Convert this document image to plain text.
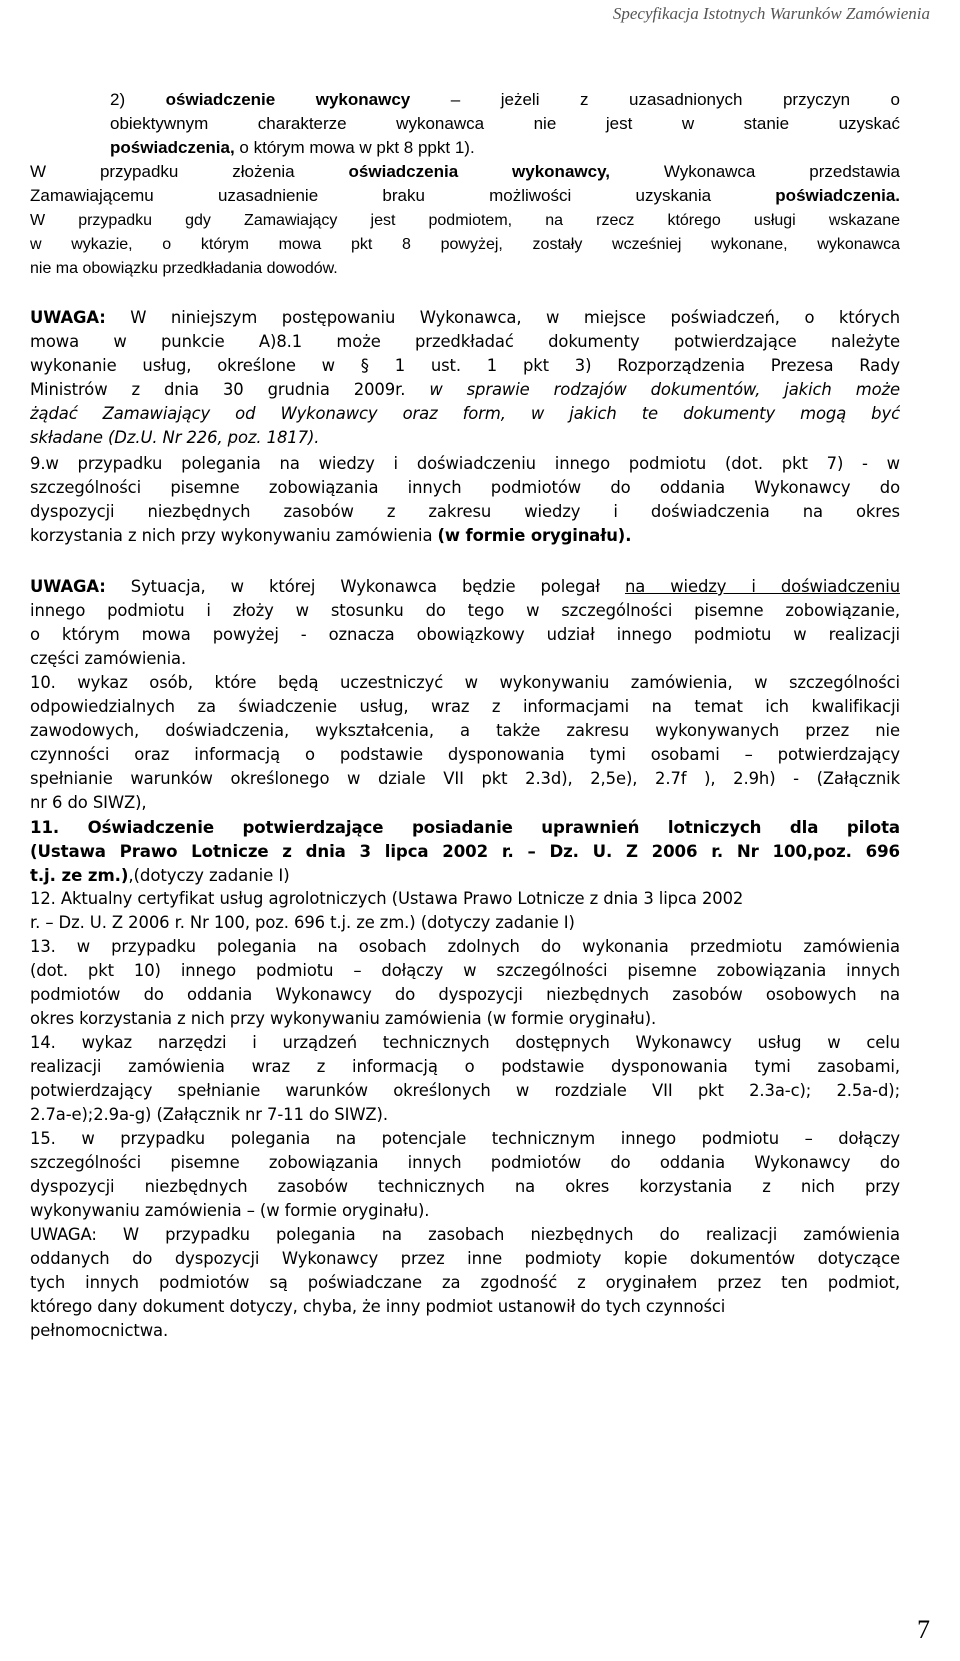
Specyfikacja Istotnych Warunków Zamówienia
2) oświadczenie wykonawcy – jeżeli z uzasadnionych przyczyn o
obiektywnym charakterze wykonawca nie jest w stanie uzyskać
poświadczenia, o którym mowa w pkt 8 ppkt 1).
W przypadku złożenia oświadczenia wykonawcy, Wykonawca przedstawia
Zamawiającemu uzasadnienie braku możliwości uzyskania poświadczenia.
W przypadku gdy Zamawiający jest podmiotem, na rzecz którego usługi wskazane
w wykazie, o którym mowa pkt 8 powyżej, zostały wcześniej wykonane, wykonawca
nie ma obowiązku przedkładania dowodów.
UWAGA: W niniejszym postępowaniu Wykonawca, w miejsce poświadczeń, o których
mowa w punkcie A)8.1 może przedkładać dokumenty potwierdzające należyte
wykonanie usług, określone w § 1 ust. 1 pkt 3) Rozporządzenia Prezesa Rady
Ministrów z dnia 30 grudnia 2009r. w sprawie rodzajów dokumentów, jakich może
żądać Zamawiający od Wykonawcy oraz form, w jakich te dokumenty mogą być
składane (Dz.U. Nr 226, poz. 1817).
9.w przypadku polegania na wiedzy i doświadczeniu innego podmiotu (dot. pkt 7) - w
szczególności pisemne zobowiązania innych podmiotów do oddania Wykonawcy do
dyspozycji niezbędnych zasobów z zakresu wiedzy i doświadczenia na okres
korzystania z nich przy wykonywaniu zamówienia (w formie oryginału).
UWAGA: Sytuacja, w której Wykonawca będzie polegał na wiedzy i doświadczeniu
innego podmiotu i złoży w stosunku do tego w szczególności pisemne zobowiązanie,
o którym mowa powyżej - oznacza obowiązkowy udział innego podmiotu w realizacji
części zamówienia.
10. wykaz osób, które będą uczestniczyć w wykonywaniu zamówienia, w szczególności
odpowiedzialnych za świadczenie usług, wraz z informacjami na temat ich kwalifikacji
zawodowych, doświadczenia, wykształcenia, a także zakresu wykonywanych przez nie
czynności oraz informacją o podstawie dysponowania tymi osobami – potwierdzający
spełnianie warunków określonego w dziale VII pkt 2.3d), 2,5e), 2.7f ), 2.9h) - (Załącznik
nr 6 do SIWZ),
11. Oświadczenie potwierdzające posiadanie uprawnień lotniczych dla pilota
(Ustawa Prawo Lotnicze z dnia 3 lipca 2002 r. – Dz. U. Z 2006 r. Nr 100,poz. 696
t.j. ze zm.),(dotyczy zadanie I)
12. Aktualny certyfikat usług agrolotniczych (Ustawa Prawo Lotnicze z dnia 3 lipca 2002
r. – Dz. U. Z 2006 r. Nr 100, poz. 696 t.j. ze zm.) (dotyczy zadanie I)
13. w przypadku polegania na osobach zdolnych do wykonania przedmiotu zamówienia
(dot. pkt 10) innego podmiotu – dołączy w szczególności pisemne zobowiązania innych
podmiotów do oddania Wykonawcy do dyspozycji niezbędnych zasobów osobowych na
okres korzystania z nich przy wykonywaniu zamówienia (w formie oryginału).
14. wykaz narzędzi i urządzeń technicznych dostępnych Wykonawcy usług w celu
realizacji zamówienia wraz z informacją o podstawie dysponowania tymi zasobami,
potwierdzający spełnianie warunków określonych w rozdziale VII pkt 2.3a-c); 2.5a-d);
2.7a-e);2.9a-g) (Załącznik nr 7-11 do SIWZ).
15. w przypadku polegania na potencjale technicznym innego podmiotu – dołączy
szczególności pisemne zobowiązania innych podmiotów do oddania Wykonawcy do
dyspozycji niezbędnych zasobów technicznych na okres korzystania z nich przy
wykonywaniu zamówienia – (w formie oryginału).
UWAGA: W przypadku polegania na zasobach niezbędnych do realizacji zamówienia
oddanych do dyspozycji Wykonawcy przez inne podmioty kopie dokumentów dotyczące
tych innych podmiotów są poświadczane za zgodność z oryginałem przez ten podmiot,
którego dany dokument dotyczy, chyba, że inny podmiot ustanowił do tych czynności
pełnomocnictwa.
7
